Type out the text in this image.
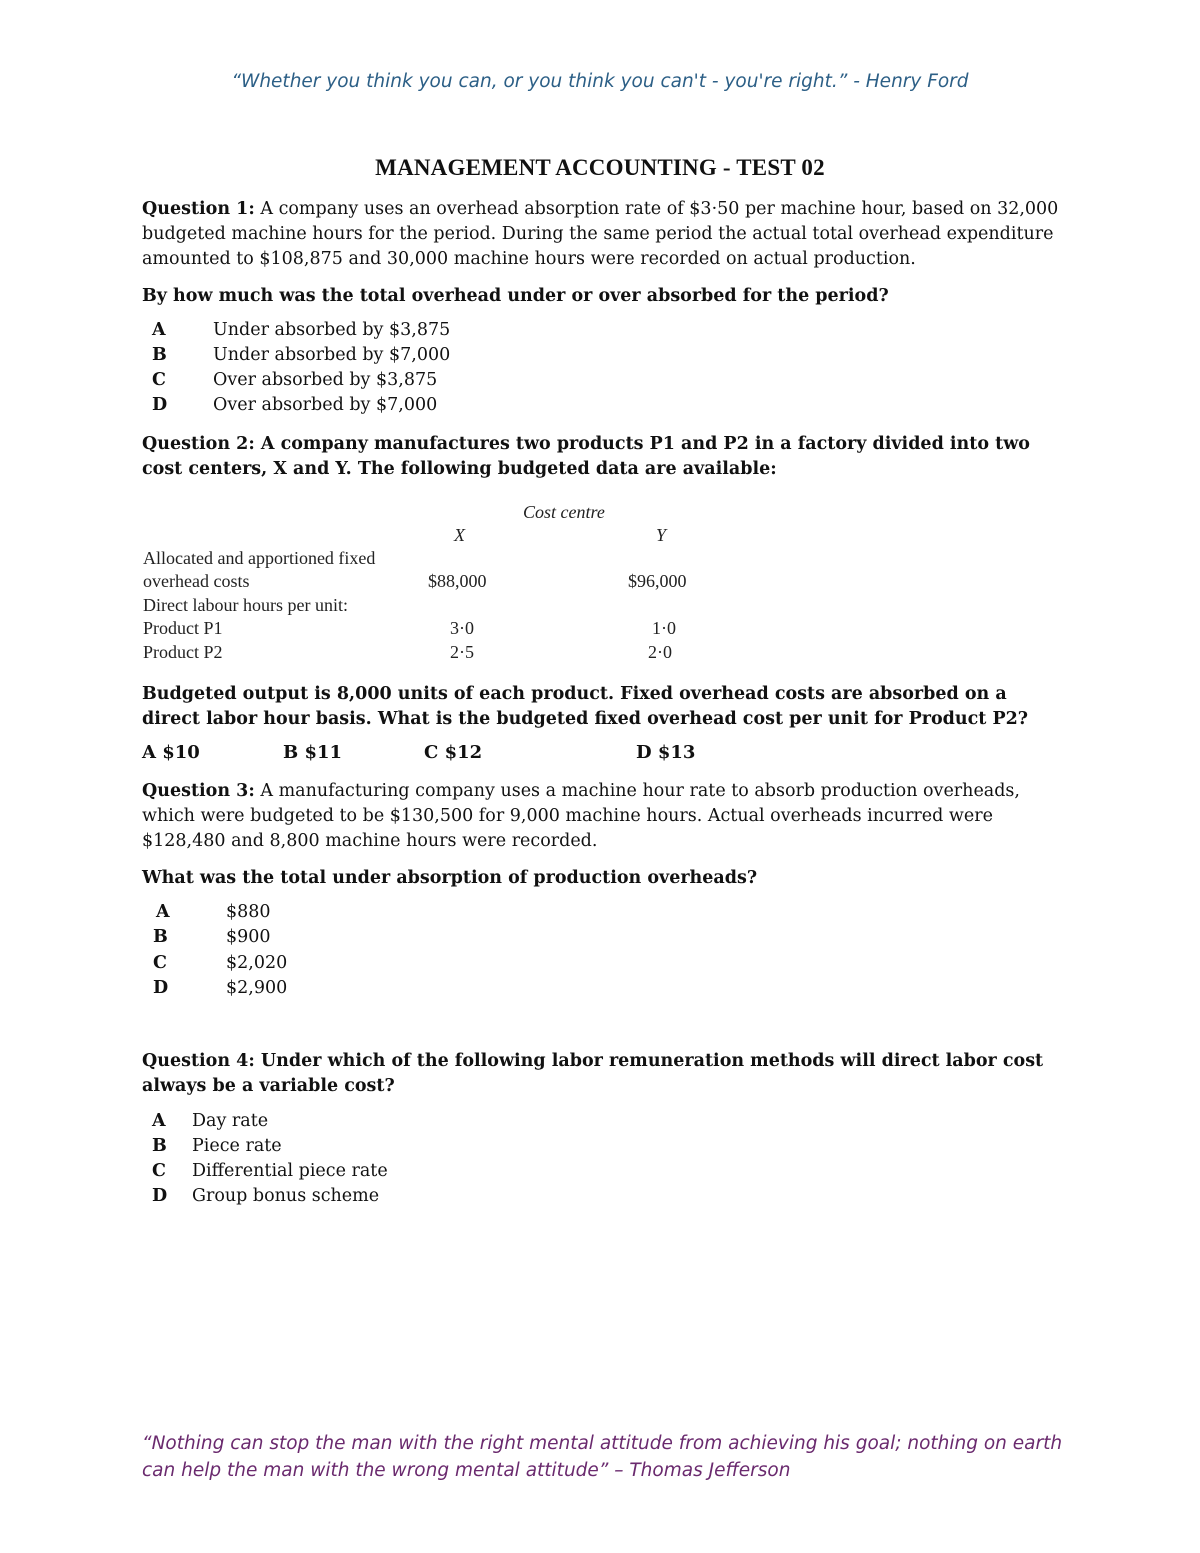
“Whether you think you can, or you think you can't - you're right.” - Henry Ford
MANAGEMENT ACCOUNTING - TEST 02
Question 1: A company uses an overhead absorption rate of $3·50 per machine hour, based on 32,000 budgeted machine hours for the period. During the same period the actual total overhead expenditure amounted to $108,875 and 30,000 machine hours were recorded on actual production.
By how much was the total overhead under or over absorbed for the period?
A	Under absorbed by $3,875
B	Under absorbed by $7,000
C	Over absorbed by $3,875
D	Over absorbed by $7,000
Question 2: A company manufactures two products P1 and P2 in a factory divided into two cost centers, X and Y. The following budgeted data are available:
Cost centre
X	Y
Allocated and apportioned fixed
overhead costs	$88,000	$96,000
Direct labour hours per unit:
Product P1	3·0	1·0
Product P2	2·5	2·0
Budgeted output is 8,000 units of each product. Fixed overhead costs are absorbed on a direct labor hour basis. What is the budgeted fixed overhead cost per unit for Product P2?
A $10	B $11	C $12	D $13
Question 3: A manufacturing company uses a machine hour rate to absorb production overheads, which were budgeted to be $130,500 for 9,000 machine hours. Actual overheads incurred were $128,480 and 8,800 machine hours were recorded.
What was the total under absorption of production overheads?
A	$880
B	$900
C	$2,020
D	$2,900
Question 4: Under which of the following labor remuneration methods will direct labor cost always be a variable cost?
A Day rate
B Piece rate
C Differential piece rate
D Group bonus scheme
“Nothing can stop the man with the right mental attitude from achieving his goal; nothing on earth can help the man with the wrong mental attitude” – Thomas Jefferson
